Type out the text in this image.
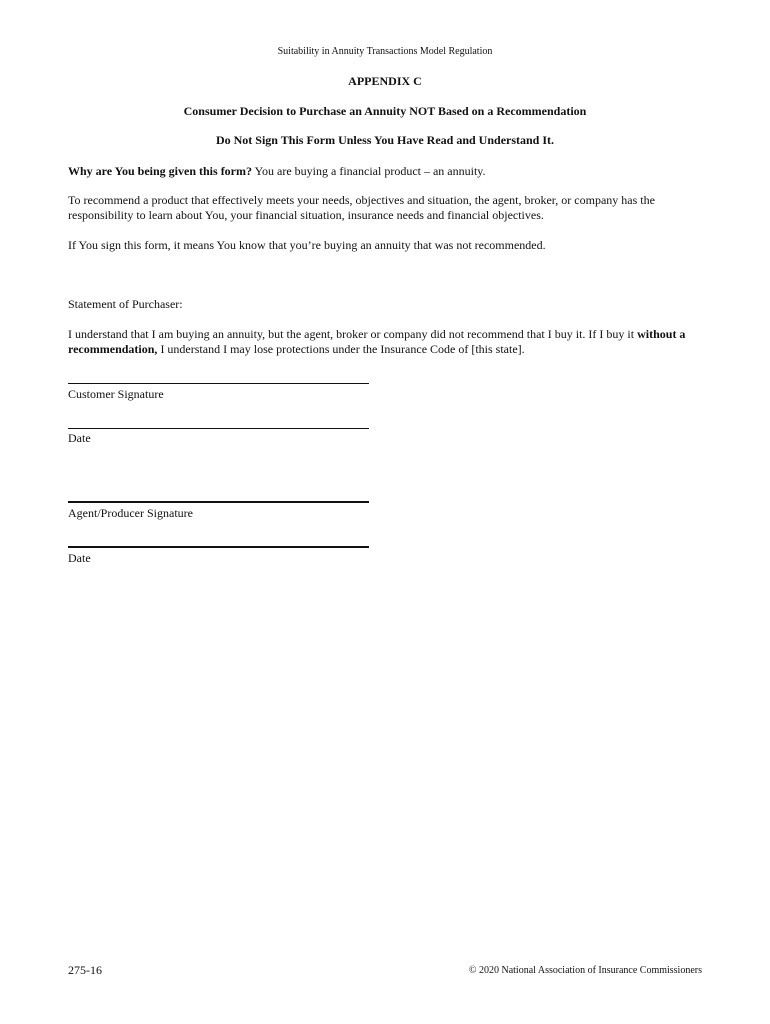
Suitability in Annuity Transactions Model Regulation
APPENDIX C
Consumer Decision to Purchase an Annuity NOT Based on a Recommendation
Do Not Sign This Form Unless You Have Read and Understand It.
Why are You being given this form? You are buying a financial product – an annuity.
To recommend a product that effectively meets your needs, objectives and situation, the agent, broker, or company has the responsibility to learn about You, your financial situation, insurance needs and financial objectives.
If You sign this form, it means You know that you’re buying an annuity that was not recommended.
Statement of Purchaser:
I understand that I am buying an annuity, but the agent, broker or company did not recommend that I buy it. If I buy it without a recommendation, I understand I may lose protections under the Insurance Code of [this state].
Customer Signature
Date
Agent/Producer Signature
Date
275-16	© 2020 National Association of Insurance Commissioners
